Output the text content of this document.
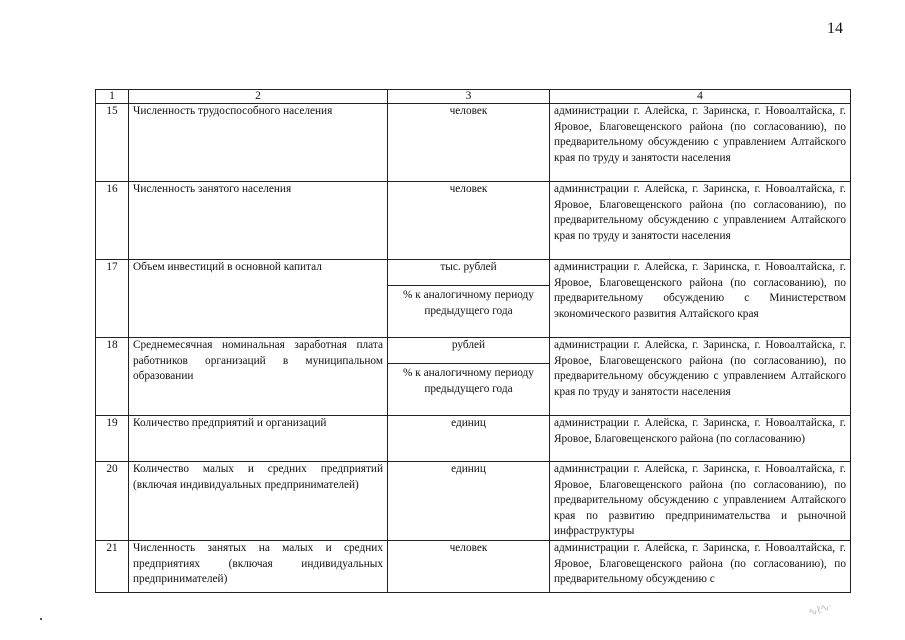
14
1	2	3	4
15	Численность трудоспособного населения	человек	администрации г. Алейска, г. Заринска, г. Новоалтайска, г. Яровое, Благовещенского района (по согласованию), по предварительному обсуждению с управлением Алтайского края по труду и занятости населения
16	Численность занятого населения	человек	администрации г. Алейска, г. Заринска, г. Новоалтайска, г. Яровое, Благовещенского района (по согласованию), по предварительному обсуждению с управлением Алтайского края по труду и занятости населения
17	Объем инвестиций в основной капитал	тыс. рублей	администрации г. Алейска, г. Заринска, г. Новоалтайска, г. Яровое, Благовещенского района (по согласованию), по предварительному обсуждению с Министерством экономического развития Алтайского края
		% к аналогичному периоду предыдущего года	
18	Среднемесячная номинальная заработная плата работников организаций в муниципальном образовании	рублей	администрации г. Алейска, г. Заринска, г. Новоалтайска, г. Яровое, Благовещенского района (по согласованию), по предварительному обсуждению с управлением Алтайского края по труду и занятости населения
		% к аналогичному периоду предыдущего года	
19	Количество предприятий и организаций	единиц	администрации г. Алейска, г. Заринска, г. Новоалтайска, г. Яровое, Благовещенского района (по согласованию)
20	Количество малых и средних предприятий (включая индивидуальных предпринимателей)	единиц	администрации г. Алейска, г. Заринска, г. Новоалтайска, г. Яровое, Благовещенского района (по согласованию), по предварительному обсуждению с управлением Алтайского края по развитию предпринимательства и рыночной инфраструктуры
21	Численность занятых на малых и средних предприятиях (включая индивидуальных предпринимателей)	человек	администрации г. Алейска, г. Заринска, г. Новоалтайска, г. Яровое, Благовещенского района (по согласованию), по предварительному обсуждению с
∿ℓ∿·
